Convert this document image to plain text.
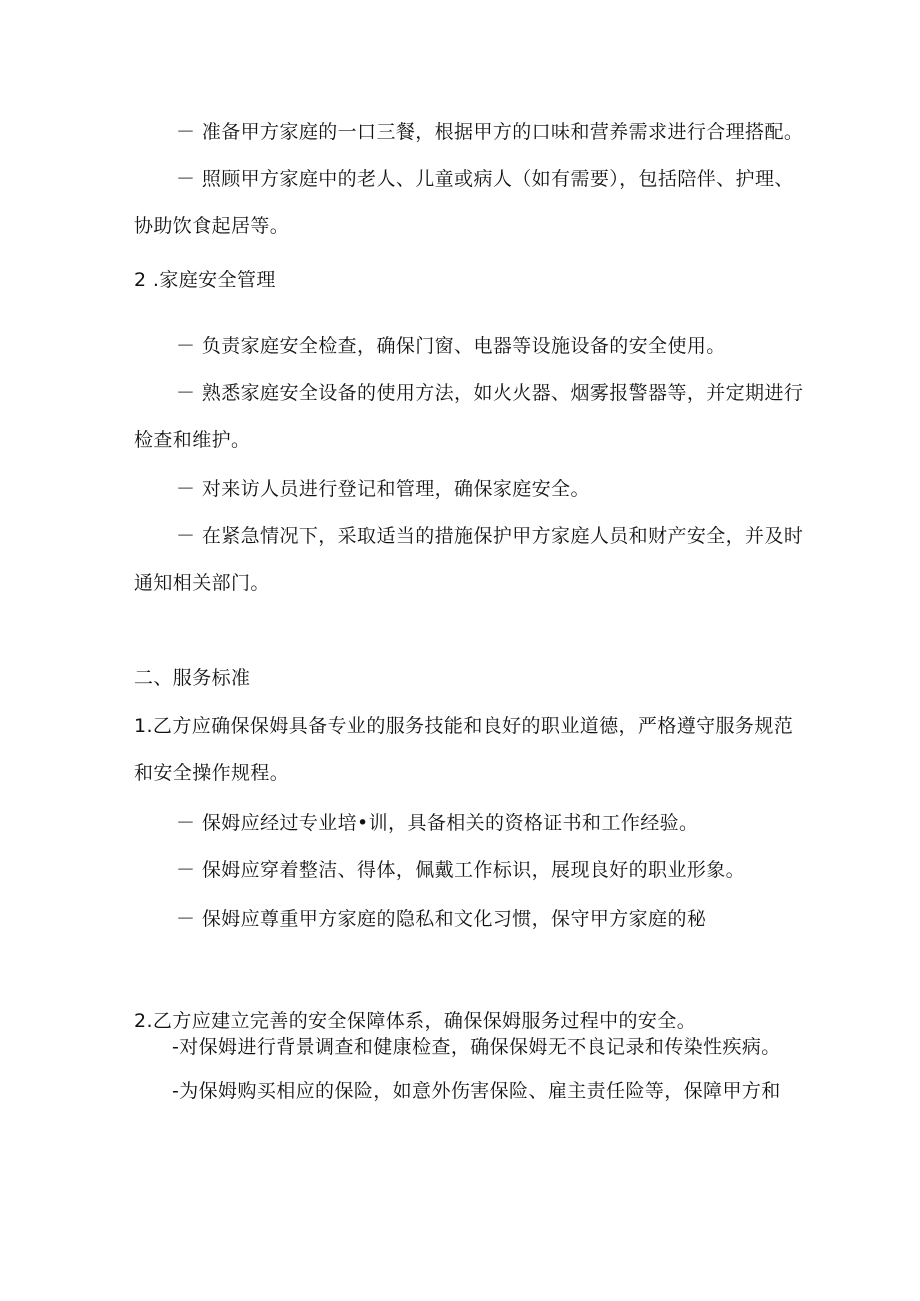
－ 准备甲方家庭的一口三餐，根据甲方的口味和营养需求进行合理搭配。
－ 照顾甲方家庭中的老人、儿童或病人（如有需要），包括陪伴、护理、
协助饮食起居等。
2 .家庭安全管理
－ 负责家庭安全检查，确保门窗、电器等设施设备的安全使用。
－ 熟悉家庭安全设备的使用方法，如火火器、烟雾报警器等，并定期进行
检查和维护。
－ 对来访人员进行登记和管理，确保家庭安全。
－ 在紧急情况下，采取适当的措施保护甲方家庭人员和财产安全，并及时
通知相关部门。
二、服务标准
1.乙方应确保保姆具备专业的服务技能和良好的职业道德，严格遵守服务规范
和安全操作规程。
－ 保姆应经过专业培•训，具备相关的资格证书和工作经验。
－ 保姆应穿着整洁、得体，佩戴工作标识，展现良好的职业形象。
－ 保姆应尊重甲方家庭的隐私和文化习惯，保守甲方家庭的秘
2.乙方应建立完善的安全保障体系，确保保姆服务过程中的安全。
-对保姆进行背景调查和健康检查，确保保姆无不良记录和传染性疾病。
-为保姆购买相应的保险，如意外伤害保险、雇主责任险等，保障甲方和
